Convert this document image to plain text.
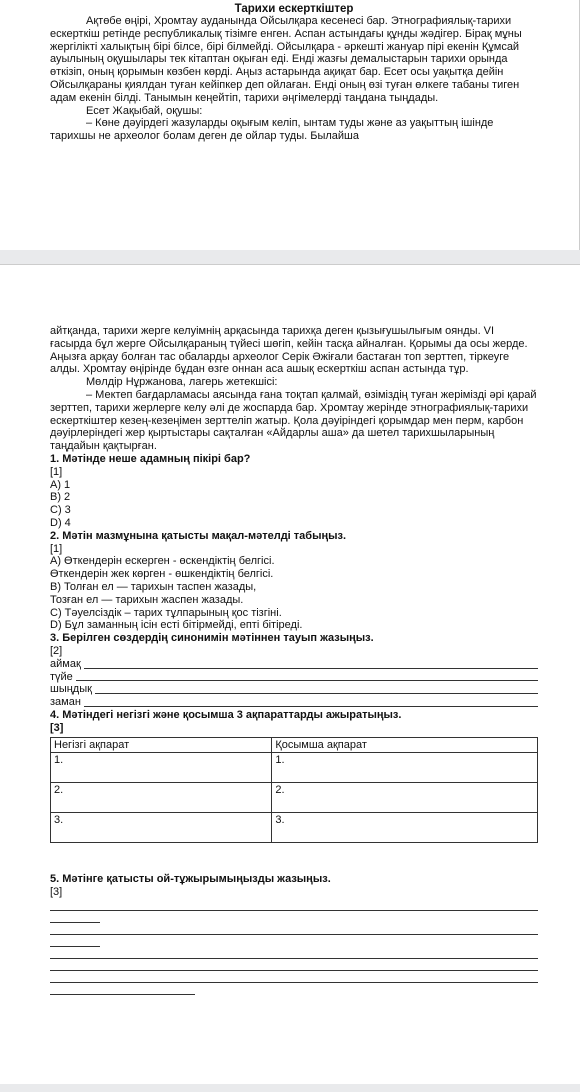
Тарихи ескерткіштер
Ақтөбе өңірі, Хромтау ауданында Ойсылқара кесенесі бар. Этнографиялық-тарихи ескерткіш ретінде республикалық тізімге енген. Аспан астындағы құнды жәдігер. Бірақ мұны жергілікті халықтың бірі білсе, бірі білмейді. Ойсылқара - әркешті жануар пірі екенін Құмсай ауылының оқушылары тек кітаптан оқыған еді. Енді жазғы демалыстарын тарихи орында өткізіп, оның қорымын көзбен көрді. Аңыз астарында ақиқат бар. Есет осы уақытқа дейін Ойсылқараны қиялдан туған кейіпкер деп ойлаған. Енді оның өзі туған өлкеге табаны тиген адам екенін білді. Танымын кеңейтіп, тарихи әңгімелерді таңдана тыңдады.
Есет Жақыбай, оқушы:
– Көне дәуірдегі жазуларды оқығым келіп, ынтам туды және аз уақыттың ішінде тарихшы не археолог болам деген де ойлар туды. Былайша
айтқанда, тарихи жерге келуімнің арқасында тарихқа деген қызығушылығым оянды. VI ғасырда бұл жерге Ойсылқараның түйесі шөгіп, кейін тасқа айналған. Қорымы да осы жерде. Аңызға арқау болған тас обаларды археолог Серік Әжіғали бастаған топ зерттеп, тіркеуге алды. Хромтау өңірінде бұдан өзге оннан аса ашық ескерткіш аспан астында тұр.
Мөлдір Нұржанова, лагерь жетекшісі:
– Мектеп бағдарламасы аясында ғана тоқтап қалмай, өзіміздің туған жерімізді әрі қарай зерттеп, тарихи жерлерге келу әлі де жоспарда бар. Хромтау жерінде этнографиялық-тарихи ескерткіштер кезең-кезеңімен зерттеліп жатыр. Қола дәуіріндегі қорымдар мен перм, карбон дәуірлеріндегі жер қыртыстары сақталған «Айдарлы аша» да шетел тарихшыларының таңдайын қақтырған.
1. Мәтінде неше адамның пікірі бар?
[1]
A) 1
B) 2
C) 3
D) 4
2. Мәтін мазмұнына қатысты мақал-мәтелді табыңыз.
[1]
A) Өткендерін ескерген - өскендіктің белгісі.
Өткендерін жек көрген - өшкендіктің белгісі.
B) Толған ел — тарихын таспен жазады,
Тозған ел — тарихын жаспен жазады.
C) Тәуелсіздік – тарих тұлпарының қос тізгіні.
D) Бұл заманның ісін есті бітірмейді, епті бітіреді.
3. Берілген сөздердің синонимін мәтіннен тауып жазыңыз.
[2]
аймақ
түйе
шыңдық
заман
4. Мәтіндегі негізгі және қосымша 3 ақпараттарды ажыратыңыз.
[3]
Негізгі ақпарат	Қосымша ақпарат
1.	1.
2.	2.
3.	3.
5. Мәтінге қатысты ой-тұжырымыңызды жазыңыз.
[3]
